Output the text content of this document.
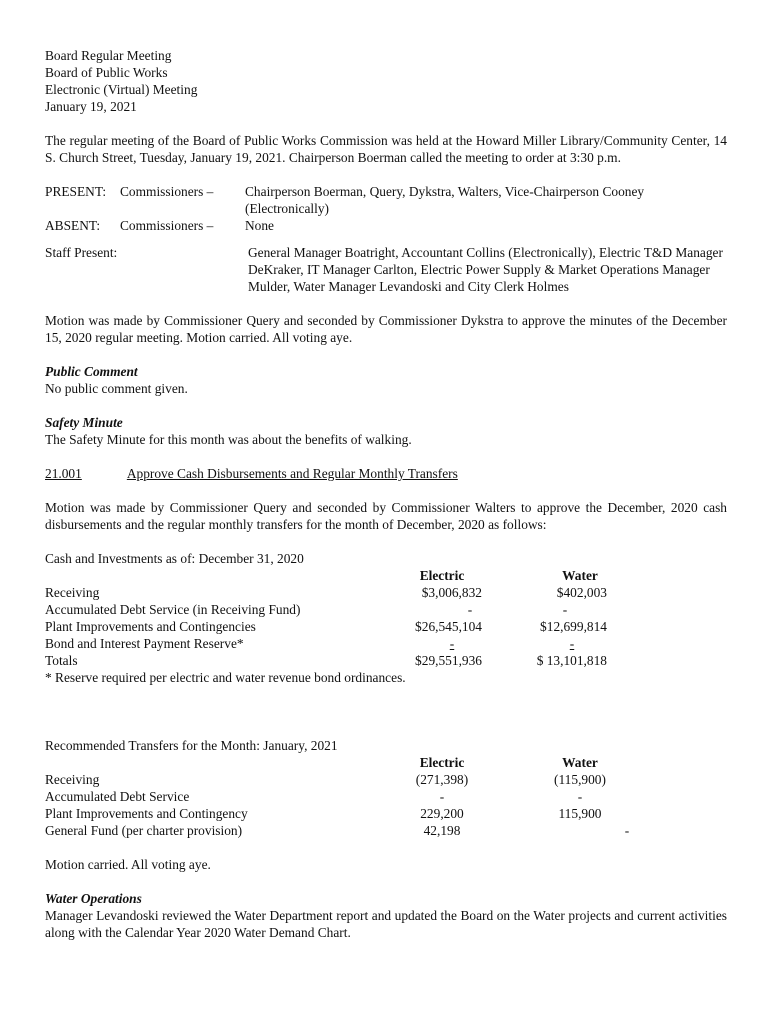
Board Regular Meeting
Board of Public Works
Electronic (Virtual) Meeting
January 19, 2021

The regular meeting of the Board of Public Works Commission was held at the Howard Miller Library/Community Center, 14 S. Church Street, Tuesday, January 19, 2021. Chairperson Boerman called the meeting to order at 3:30 p.m.

PRESENT: Commissioners – Chairperson Boerman, Query, Dykstra, Walters, Vice-Chairperson Cooney (Electronically)
ABSENT: Commissioners – None
Staff Present:	General Manager Boatright, Accountant Collins (Electronically), Electric T&D Manager DeKraker, IT Manager Carlton, Electric Power Supply & Market Operations Manager Mulder, Water Manager Levandoski and City Clerk Holmes

Motion was made by Commissioner Query and seconded by Commissioner Dykstra to approve the minutes of the December 15, 2020 regular meeting. Motion carried. All voting aye.

Public Comment
No public comment given.
Safety Minute
The Safety Minute for this month was about the benefits of walking.
21.001	Approve Cash Disbursements and Regular Monthly Transfers

Motion was made by Commissioner Query and seconded by Commissioner Walters to approve the December, 2020 cash disbursements and the regular monthly transfers for the month of December, 2020 as follows:

Cash and Investments as of: December 31, 2020
Electric	Water
Receiving	$3,006,832	$402,003
Accumulated Debt Service (in Receiving Fund)	-	-
Plant Improvements and Contingencies	$26,545,104	$12,699,814
Bond and Interest Payment Reserve*	-	-
Totals	$29,551,936	$ 13,101,818
* Reserve required per electric and water revenue bond ordinances.
Recommended Transfers for the Month: January, 2021
Electric	Water
Receiving	(271,398)	(115,900)
Accumulated Debt Service	-	-
Plant Improvements and Contingency	229,200	115,900
General Fund (per charter provision)	42,198	-

Motion carried. All voting aye.

Water Operations
Manager Levandoski reviewed the Water Department report and updated the Board on the Water projects and current activities along with the Calendar Year 2020 Water Demand Chart.
